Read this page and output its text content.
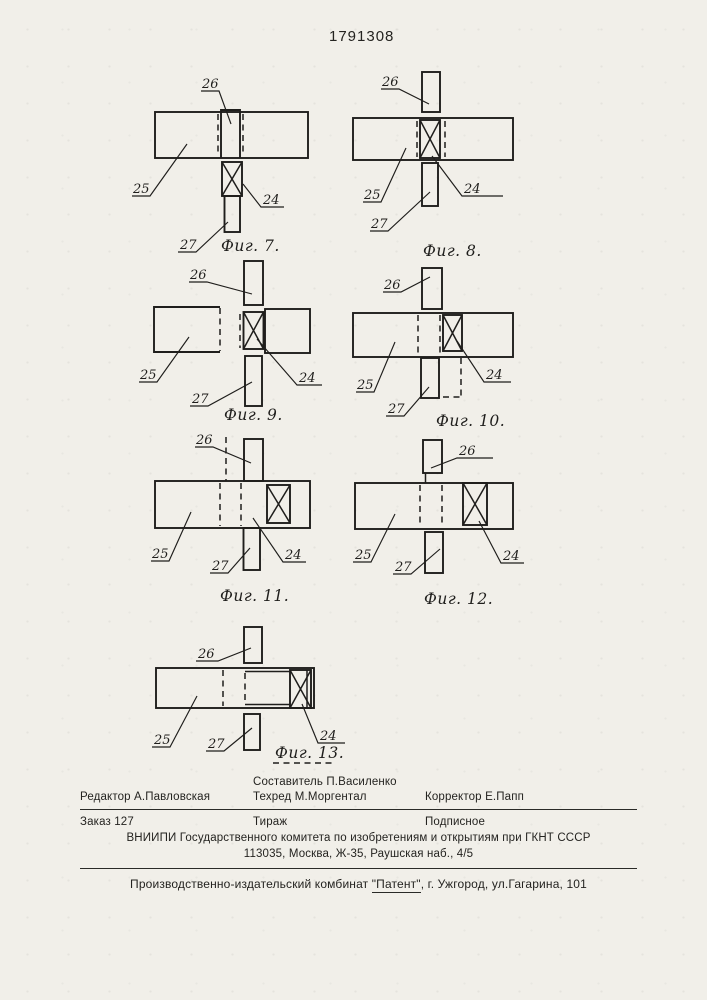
1791308
26
25
24
27 Фиг. 7.
26
25	24
27
Фиг. 8.
26
25	24
27
Фиг. 9.
26
25
24
27
Фиг. 10.
26
25	24
27
Фиг. 11.
26
25	24
27
Фиг. 12.
26
25	27
24
Фиг. 13.
Редактор А.Павловская
Составитель П.Василенко
Техред М.Моргентал	Корректор Е.Папп
Заказ 127	Тираж	Подписное
ВНИИПИ Государственного комитета по изобретениям и открытиям при ГКНТ СССР
113035, Москва, Ж-35, Раушская наб., 4/5
Производственно-издательский комбинат "Патент", г. Ужгород, ул.Гагарина, 101
